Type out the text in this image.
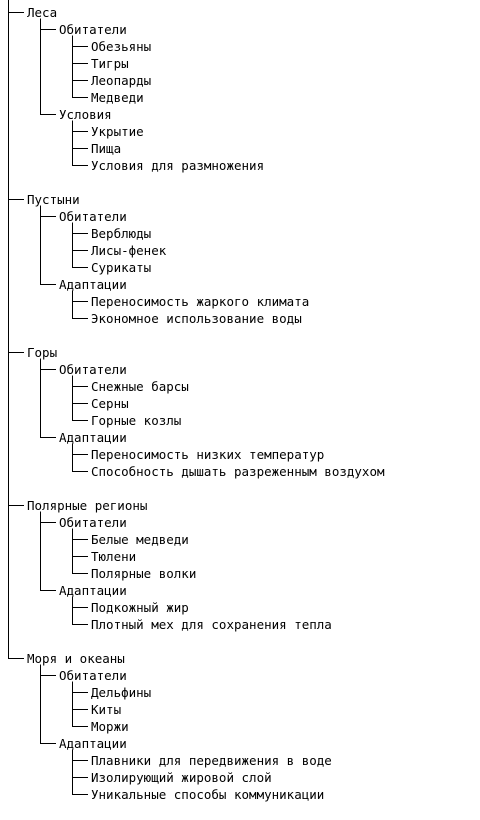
Леса
Обитатели
Обезьяны
Тигры
Леопарды
Медведи
Условия
Укрытие
Пища
Условия для размножения
Пустыни
Обитатели
Верблюды
Лисы-фенек
Сурикаты
Адаптации
Переносимость жаркого климата
Экономное использование воды
Горы
Обитатели
Снежные барсы
Серны
Горные козлы
Адаптации
Переносимость низких температур
Способность дышать разреженным воздухом
Полярные регионы
Обитатели
Белые медведи
Тюлени
Полярные волки
Адаптации
Подкожный жир
Плотный мех для сохранения тепла
Моря и океаны
Обитатели
Дельфины
Киты
Моржи
Адаптации
Плавники для передвижения в воде
Изолирующий жировой слой
Уникальные способы коммуникации
